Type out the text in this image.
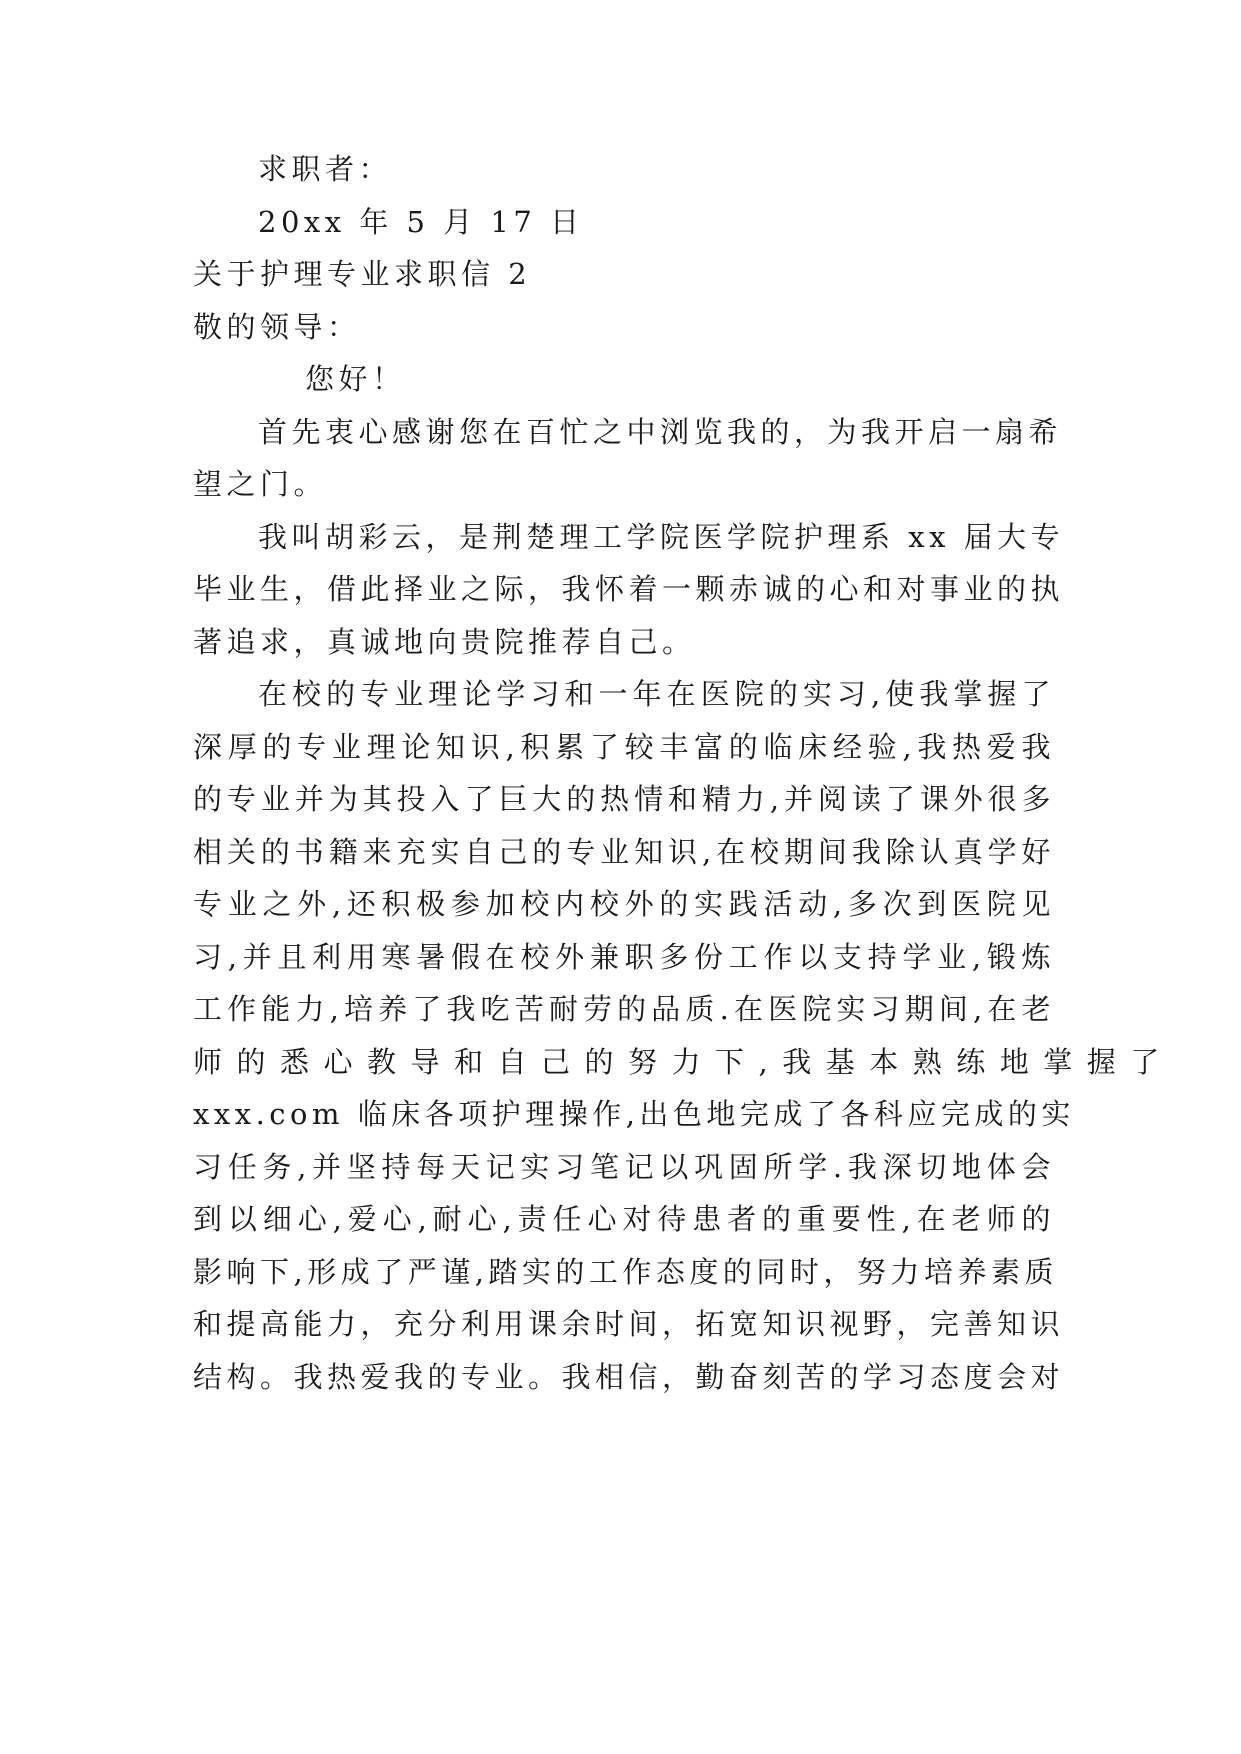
求职者：
20xx 年 5 月 17 日
关于护理专业求职信 2
敬的领导：
您好！
首先衷心感谢您在百忙之中浏览我的，为我开启一扇希
望之门。
我叫胡彩云，是荆楚理工学院医学院护理系 xx 届大专
毕业生，借此择业之际，我怀着一颗赤诚的心和对事业的执
著追求，真诚地向贵院推荐自己。
在校的专业理论学习和一年在医院的实习,使我掌握了
深厚的专业理论知识,积累了较丰富的临床经验,我热爱我
的专业并为其投入了巨大的热情和精力,并阅读了课外很多
相关的书籍来充实自己的专业知识,在校期间我除认真学好
专业之外,还积极参加校内校外的实践活动,多次到医院见
习,并且利用寒暑假在校外兼职多份工作以支持学业,锻炼
工作能力,培养了我吃苦耐劳的品质.在医院实习期间,在老
师的悉心教导和自己的努力下,我基本熟练地掌握了
xxx.com 临床各项护理操作,出色地完成了各科应完成的实
习任务,并坚持每天记实习笔记以巩固所学.我深切地体会
到以细心,爱心,耐心,责任心对待患者的重要性,在老师的
影响下,形成了严谨,踏实的工作态度的同时，努力培养素质
和提高能力，充分利用课余时间，拓宽知识视野，完善知识
结构。我热爱我的专业。我相信，勤奋刻苦的学习态度会对
